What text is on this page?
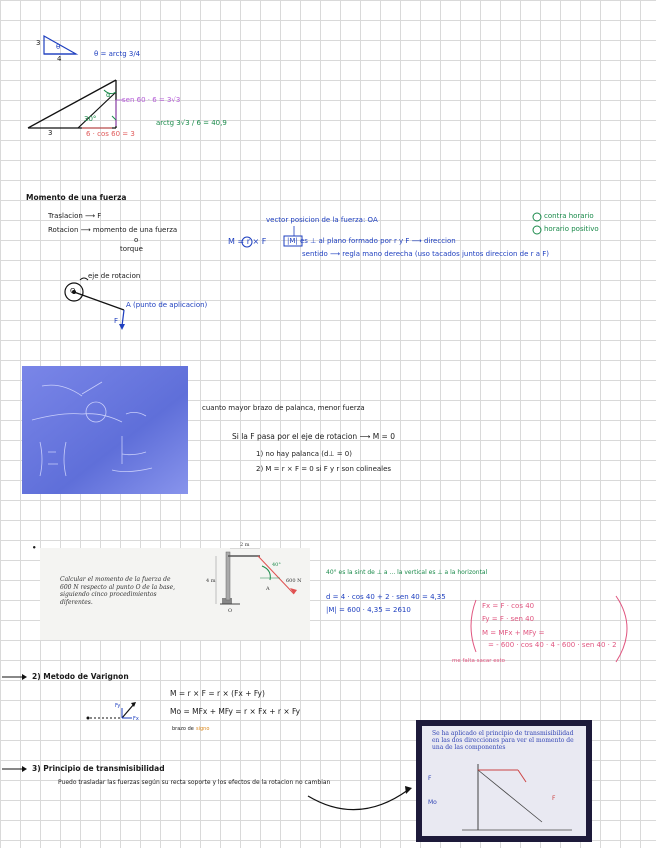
3 θ
4
θ = arctg 3/4
3
α
30°
sen 60 · 6 = 3√3
6 · cos 60 = 3
arctg 3√3 / 6 = 40,9
Momento de una fuerza
Traslacion ⟶ F
Rotacion ⟶ momento de una fuerza
o
torque
vector posicion de la fuerza: OA
M = r × F	|M| es ⊥ al plano formado por r y F ⟶ direccion
sentido ⟶ regla mano derecha (uso tacados juntos direccion de r a F)
contra horario
horario positivo
eje de rotacion
O
A (punto de aplicacion)
F
cuanto mayor brazo de palanca, menor fuerza
Si la F pasa por el eje de rotacion ⟶ M = 0
1) no hay palanca (d⊥ = 0)
2) M = r × F = 0 si F y r son colineales
•
Calcular el momento de la fuerza de 600 N respecto al punto O de la base, siguiendo cinco procedimientos diferentes.
2 m
4 m	600 N
O
40°
A
40° es la sint de ⊥ a ... la vertical es ⊥ a la horizontal
d = 4 · cos 40 + 2 · sen 40 = 4,35
|M| = 600 · 4,35 = 2610	Fx = F · cos 40
Fy = F · sen 40
M = MFx + MFy =
= - 600 · cos 40 · 4 - 600 · sen 40 · 2
me falta sacar esto
2) Metodo de Varignon
M = r × F = r × (Fx + Fy)
Mo = MFx + MFy = r × Fx + r × Fy
brazo de signo
Fx
Fy
3) Principio de transmisibilidad
Puedo trasladar las fuerzas según su recta soporte y los efectos de la rotacion no cambian
Se ha aplicado el principio de transmisibilidad en las dos direcciones para ver el momento de una de las componentes
F
Mo
F
